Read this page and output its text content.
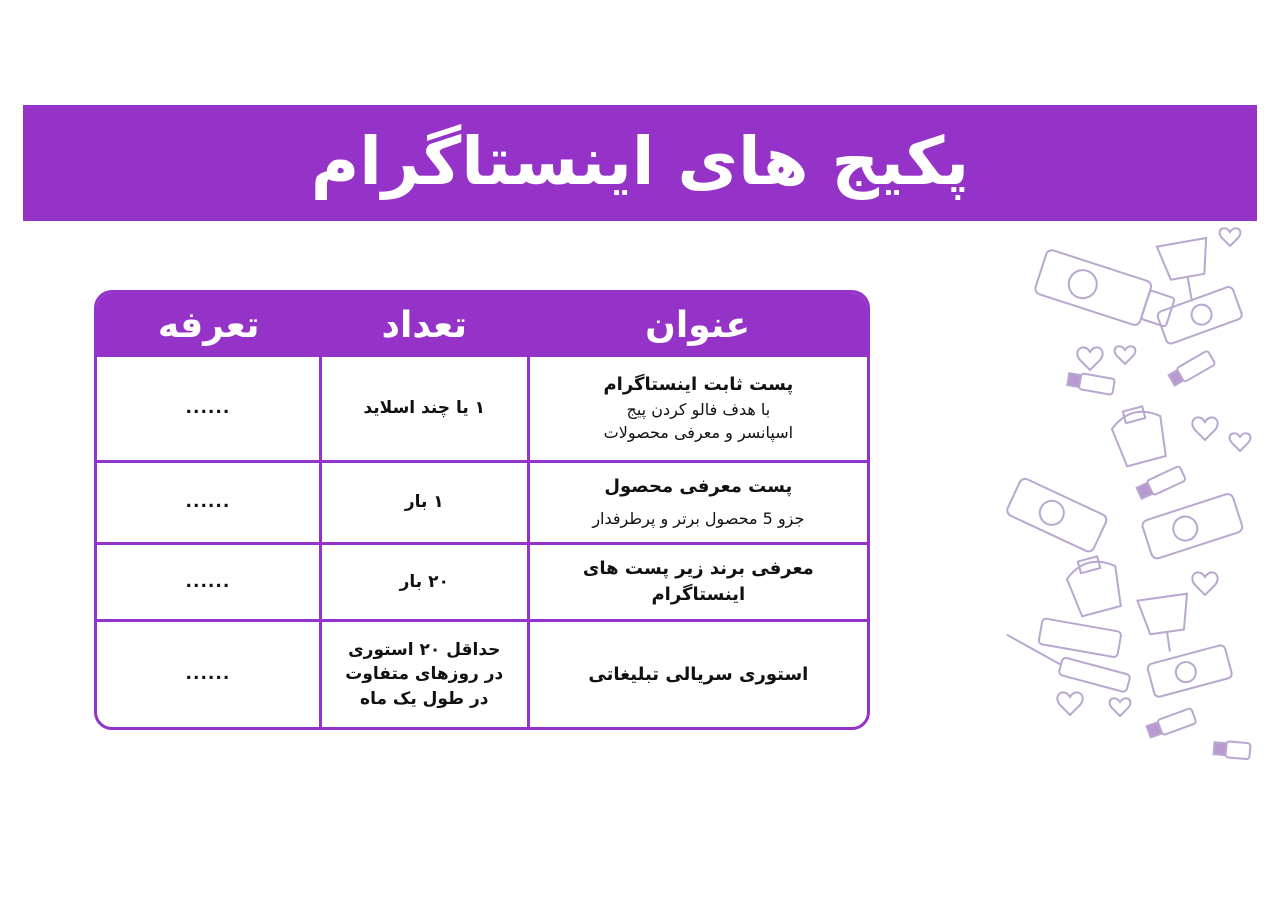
پکیج های اینستاگرام
عنوان	تعداد	تعرفه

پست ثابت اینستاگرام
با هدف فالو کردن پیج
اسپانسر و معرفی محصولات	۱ یا چند اسلاید	......

پست معرفی محصول
جزو 5 محصول برتر و پرطرفدار	۱ بار	......

معرفی برند زیر پست های اینستاگرام	۲۰ بار	......

استوری سریالی تبلیغاتی	حداقل ۲۰ استوری
در روزهای متفاوت
در طول یک ماه	......
